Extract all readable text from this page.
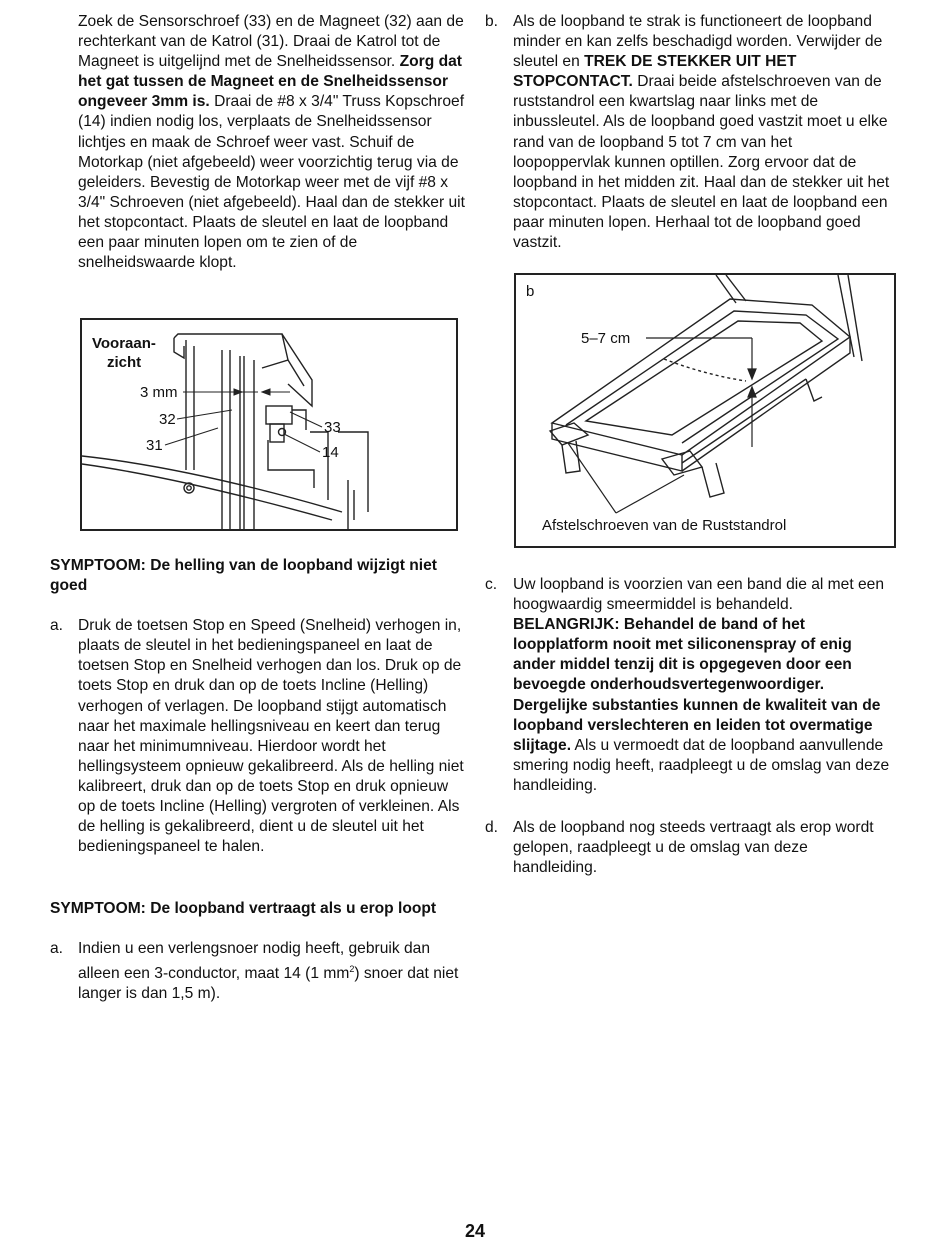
Zoek de Sensorschroef (33) en de Magneet (32) aan de rechterkant van de Katrol (31). Draai de Katrol tot de Magneet is uitgelijnd met de Snelheidssensor. Zorg dat het gat tussen de Magneet en de Snelheidssensor ongeveer 3mm is. Draai de #8 x 3/4" Truss Kopschroef (14) indien nodig los, verplaats de Snelheidssensor lichtjes en maak de Schroef weer vast. Schuif de Motorkap (niet afgebeeld) weer voorzichtig terug via de geleiders. Bevestig de Motorkap weer met de vijf #8 x 3/4" Schroeven (niet afgebeeld). Haal dan de stekker uit het stopcontact. Plaats de sleutel en laat de loopband een paar minuten lopen om te zien of de snelheidswaarde klopt.

Vooraan-
zicht
3 mm
32
31
33
14

SYMPTOOM: De helling van de loopband wijzigt niet goed

a. Druk de toetsen Stop en Speed (Snelheid) verhogen in, plaats de sleutel in het bedieningspaneel en laat de toetsen Stop en Snelheid verhogen dan los. Druk op de toets Stop en druk dan op de toets Incline (Helling) verhogen of verlagen. De loopband stijgt automatisch naar het maximale hellingsniveau en keert dan terug naar het minimumniveau. Hierdoor wordt het hellingsysteem opnieuw gekalibreerd. Als de helling niet kalibreert, druk dan op de toets Stop en druk opnieuw op de toets Incline (Helling) vergroten of verkleinen. Als de helling is gekalibreerd, dient u de sleutel uit het bedieningspaneel te halen.

SYMPTOOM: De loopband vertraagt als u erop loopt

a. Indien u een verlengsnoer nodig heeft, gebruik dan alleen een 3-conductor, maat 14 (1 $mm^2$) snoer dat niet langer is dan 1,5 m).
b. Als de loopband te strak is functioneert de loopband minder en kan zelfs beschadigd worden. Verwijder de sleutel en TREK DE STEKKER UIT HET STOPCONTACT. Draai beide afstelschroeven van de ruststandrol een kwartslag naar links met de inbussleutel. Als de loopband goed vastzit moet u elke rand van de loopband 5 tot 7 cm van het loopoppervlak kunnen optillen. Zorg ervoor dat de loopband in het midden zit. Haal dan de stekker uit het stopcontact. Plaats de sleutel en laat de loopband een paar minuten lopen. Herhaal tot de loopband goed vastzit.
b
5–7 cm
Afstelschroeven van de Ruststandrol
c. Uw loopband is voorzien van een band die al met een hoogwaardig smeermiddel is behandeld. BELANGRIJK: Behandel de band of het loopplatform nooit met siliconenspray of enig ander middel tenzij dit is opgegeven door een bevoegde onderhoudsvertegenwoordiger. Dergelijke substanties kunnen de kwaliteit van de loopband verslechteren en leiden tot overmatige slijtage. Als u vermoedt dat de loopband aanvullende smering nodig heeft, raadpleegt u de omslag van deze handleiding.
d. Als de loopband nog steeds vertraagt als erop wordt gelopen, raadpleegt u de omslag van deze handleiding.
24
